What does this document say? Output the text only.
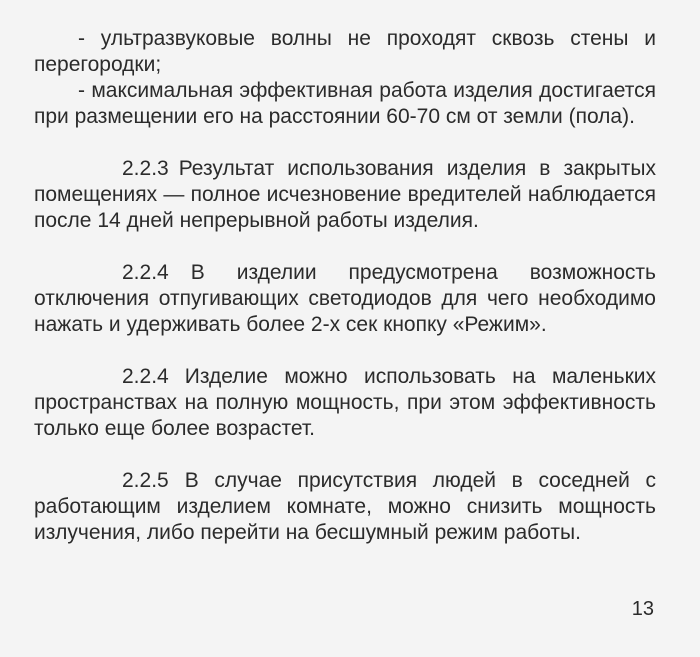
- ультразвуковые волны не проходят сквозь стены и перегородки;

- максимальная эффективная работа изделия достигается при размещении его на расстоянии 60-70 см от земли (пола).

2.2.3 Результат использования изделия в закрытых помещениях — полное исчезновение вредителей наблюдается после 14 дней непрерывной работы изделия.

2.2.4 В изделии предусмотрена возможность отключения отпугивающих светодиодов для чего необходимо нажать и удерживать более 2-х сек кнопку «Режим».

2.2.4 Изделие можно использовать на маленьких пространствах на полную мощность, при этом эффективность только еще более возрастет.

2.2.5 В случае присутствия людей в соседней с работающим изделием комнате, можно снизить мощность излучения, либо перейти на бесшумный режим работы.

13
